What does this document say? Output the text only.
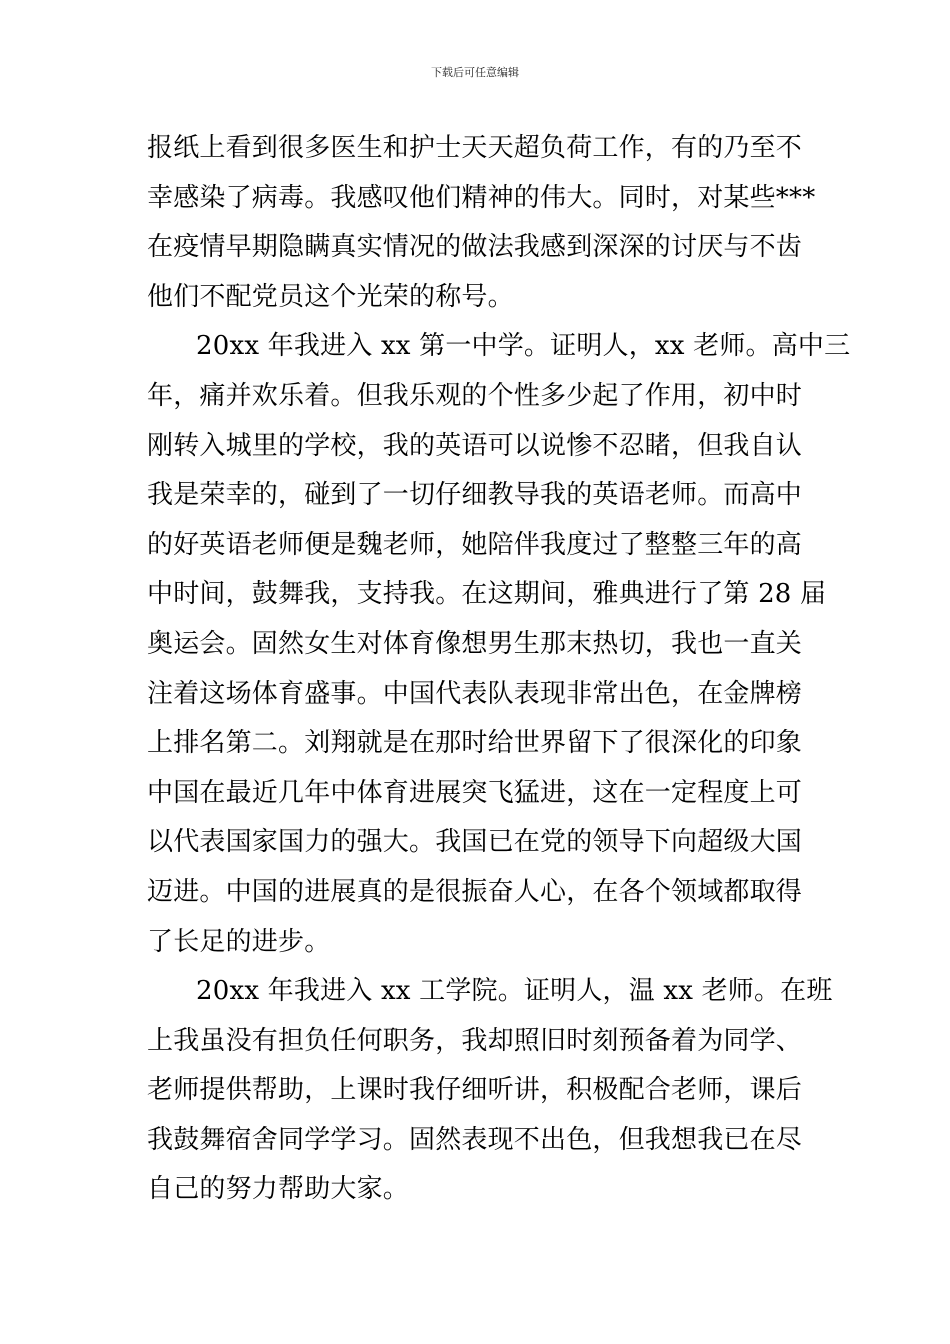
下载后可任意编辑
报纸上看到很多医生和护士天天超负荷工作，有的乃至不
幸感染了病毒。我感叹他们精神的伟大。同时，对某些***
在疫情早期隐瞒真实情况的做法我感到深深的讨厌与不齿
他们不配党员这个光荣的称号。
20xx 年我进入 xx 第一中学。证明人，xx 老师。高中三
年，痛并欢乐着。但我乐观的个性多少起了作用，初中时
刚转入城里的学校，我的英语可以说惨不忍睹，但我自认
我是荣幸的，碰到了一切仔细教导我的英语老师。而高中
的好英语老师便是魏老师，她陪伴我度过了整整三年的高
中时间，鼓舞我，支持我。在这期间，雅典进行了第 28 届
奥运会。固然女生对体育像想男生那末热切，我也一直关
注着这场体育盛事。中国代表队表现非常出色，在金牌榜
上排名第二。刘翔就是在那时给世界留下了很深化的印象
中国在最近几年中体育进展突飞猛进，这在一定程度上可
以代表国家国力的强大。我国已在党的领导下向超级大国
迈进。中国的进展真的是很振奋人心，在各个领域都取得
了长足的进步。
20xx 年我进入 xx 工学院。证明人，温 xx 老师。在班
上我虽没有担负任何职务，我却照旧时刻预备着为同学、
老师提供帮助，上课时我仔细听讲，积极配合老师，课后
我鼓舞宿舍同学学习。固然表现不出色，但我想我已在尽
自己的努力帮助大家。
